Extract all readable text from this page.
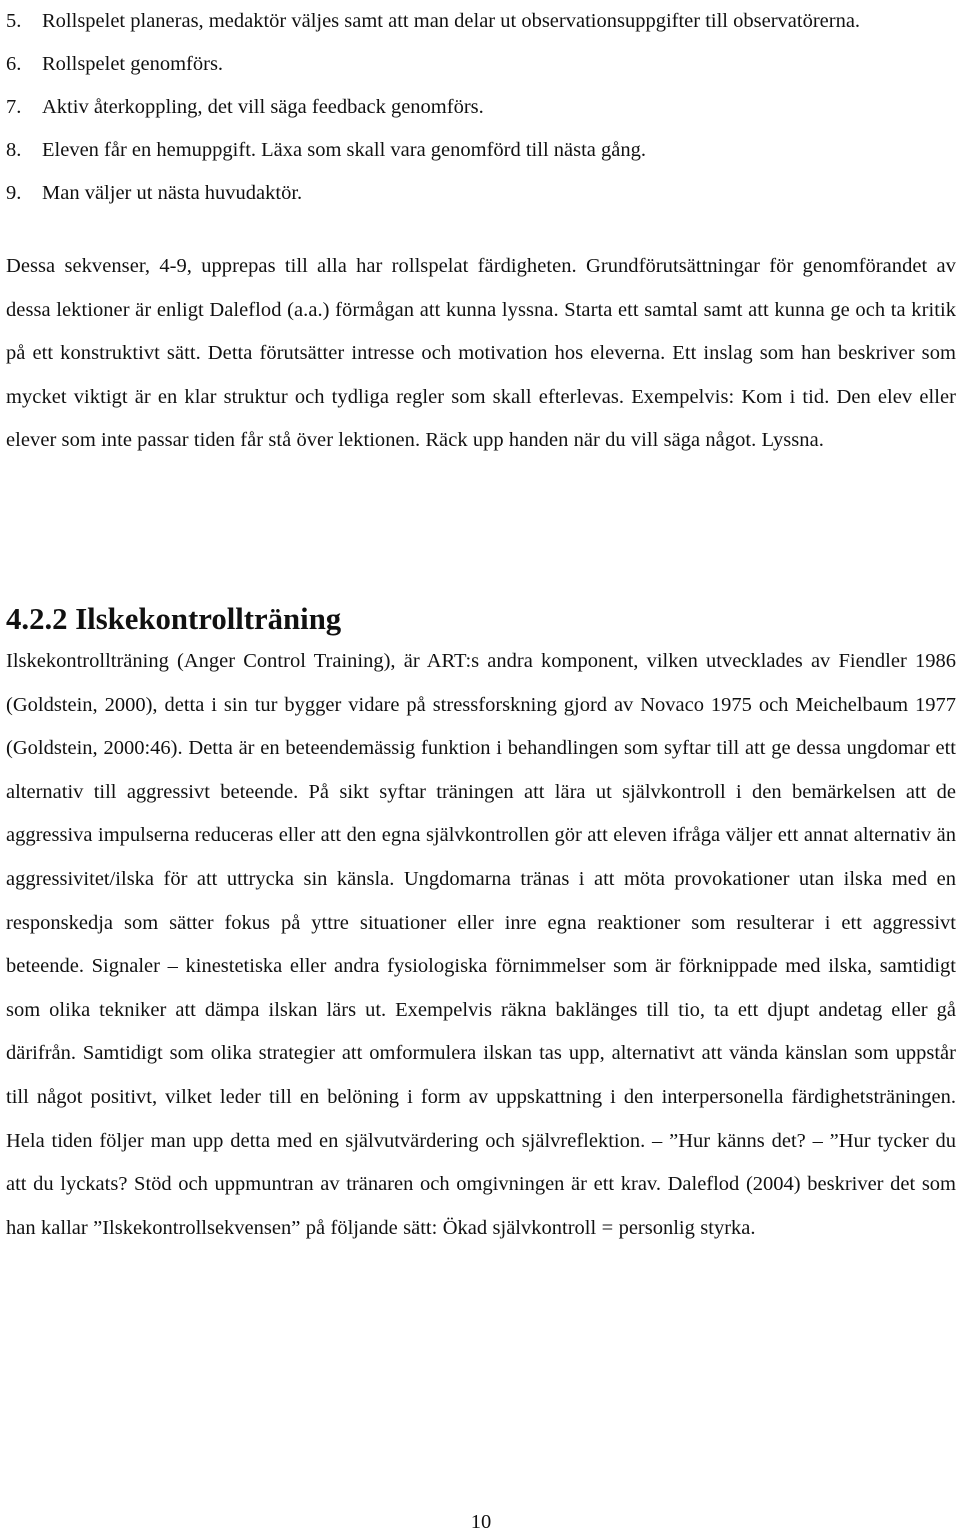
5.	Rollspelet planeras, medaktör väljes samt att man delar ut observationsuppgifter till observatörerna.
6.	Rollspelet genomförs.
7.	Aktiv återkoppling, det vill säga feedback genomförs.
8.	Eleven får en hemuppgift. Läxa som skall vara genomförd till nästa gång.
9.	Man väljer ut nästa huvudaktör.

Dessa sekvenser, 4-9, upprepas till alla har rollspelat färdigheten. Grundförutsättningar för genomförandet av dessa lektioner är enligt Daleflod (a.a.) förmågan att kunna lyssna. Starta ett samtal samt att kunna ge och ta kritik på ett konstruktivt sätt. Detta förutsätter intresse och motivation hos eleverna. Ett inslag som han beskriver som mycket viktigt är en klar struktur och tydliga regler som skall efterlevas. Exempelvis: Kom i tid. Den elev eller elever som inte passar tiden får stå över lektionen. Räck upp handen när du vill säga något. Lyssna.

4.2.2 Ilskekontrollträning

Ilskekontrollträning (Anger Control Training), är ART:s andra komponent, vilken utvecklades av Fiendler 1986 (Goldstein, 2000), detta i sin tur bygger vidare på stressforskning gjord av Novaco 1975 och Meichelbaum 1977 (Goldstein, 2000:46). Detta är en beteendemässig funktion i behandlingen som syftar till att ge dessa ungdomar ett alternativ till aggressivt beteende. På sikt syftar träningen att lära ut självkontroll i den bemärkelsen att de aggressiva impulserna reduceras eller att den egna självkontrollen gör att eleven ifråga väljer ett annat alternativ än aggressivitet/ilska för att uttrycka sin känsla. Ungdomarna tränas i att möta provokationer utan ilska med en responskedja som sätter fokus på yttre situationer eller inre egna reaktioner som resulterar i ett aggressivt beteende. Signaler – kinestetiska eller andra fysiologiska förnimmelser som är förknippade med ilska, samtidigt som olika tekniker att dämpa ilskan lärs ut. Exempelvis räkna baklänges till tio, ta ett djupt andetag eller gå därifrån. Samtidigt som olika strategier att omformulera ilskan tas upp, alternativt att vända känslan som uppstår till något positivt, vilket leder till en belöning i form av uppskattning i den interpersonella färdighetsträningen. Hela tiden följer man upp detta med en självutvärdering och självreflektion. – ”Hur känns det? – ”Hur tycker du att du lyckats? Stöd och uppmuntran av tränaren och omgivningen är ett krav. Daleflod (2004) beskriver det som han kallar ”Ilskekontrollsekvensen” på följande sätt: Ökad självkontroll = personlig styrka.

10
